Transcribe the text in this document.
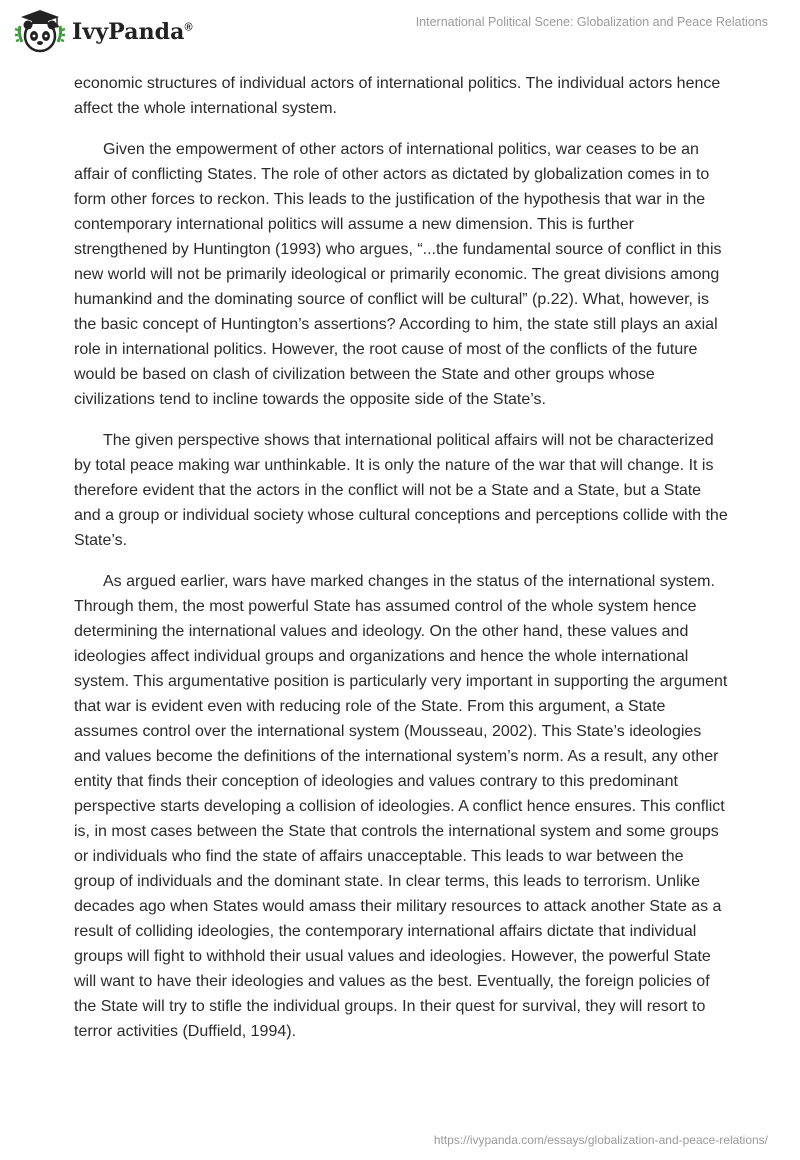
IvyPanda®	International Political Scene: Globalization and Peace Relations

economic structures of individual actors of international politics. The individual actors hence affect the whole international system.

Given the empowerment of other actors of international politics, war ceases to be an affair of conflicting States. The role of other actors as dictated by globalization comes in to form other forces to reckon. This leads to the justification of the hypothesis that war in the contemporary international politics will assume a new dimension. This is further strengthened by Huntington (1993) who argues, “...the fundamental source of conflict in this new world will not be primarily ideological or primarily economic. The great divisions among humankind and the dominating source of conflict will be cultural” (p.22). What, however, is the basic concept of Huntington’s assertions? According to him, the state still plays an axial role in international politics. However, the root cause of most of the conflicts of the future would be based on clash of civilization between the State and other groups whose civilizations tend to incline towards the opposite side of the State’s.

The given perspective shows that international political affairs will not be characterized by total peace making war unthinkable. It is only the nature of the war that will change. It is therefore evident that the actors in the conflict will not be a State and a State, but a State and a group or individual society whose cultural conceptions and perceptions collide with the State’s.

As argued earlier, wars have marked changes in the status of the international system. Through them, the most powerful State has assumed control of the whole system hence determining the international values and ideology. On the other hand, these values and ideologies affect individual groups and organizations and hence the whole international system. This argumentative position is particularly very important in supporting the argument that war is evident even with reducing role of the State. From this argument, a State assumes control over the international system (Mousseau, 2002). This State’s ideologies and values become the definitions of the international system’s norm. As a result, any other entity that finds their conception of ideologies and values contrary to this predominant perspective starts developing a collision of ideologies. A conflict hence ensures. This conflict is, in most cases between the State that controls the international system and some groups or individuals who find the state of affairs unacceptable. This leads to war between the group of individuals and the dominant state. In clear terms, this leads to terrorism. Unlike decades ago when States would amass their military resources to attack another State as a result of colliding ideologies, the contemporary international affairs dictate that individual groups will fight to withhold their usual values and ideologies. However, the powerful State will want to have their ideologies and values as the best. Eventually, the foreign policies of the State will try to stifle the individual groups. In their quest for survival, they will resort to terror activities (Duffield, 1994).

https://ivypanda.com/essays/globalization-and-peace-relations/
